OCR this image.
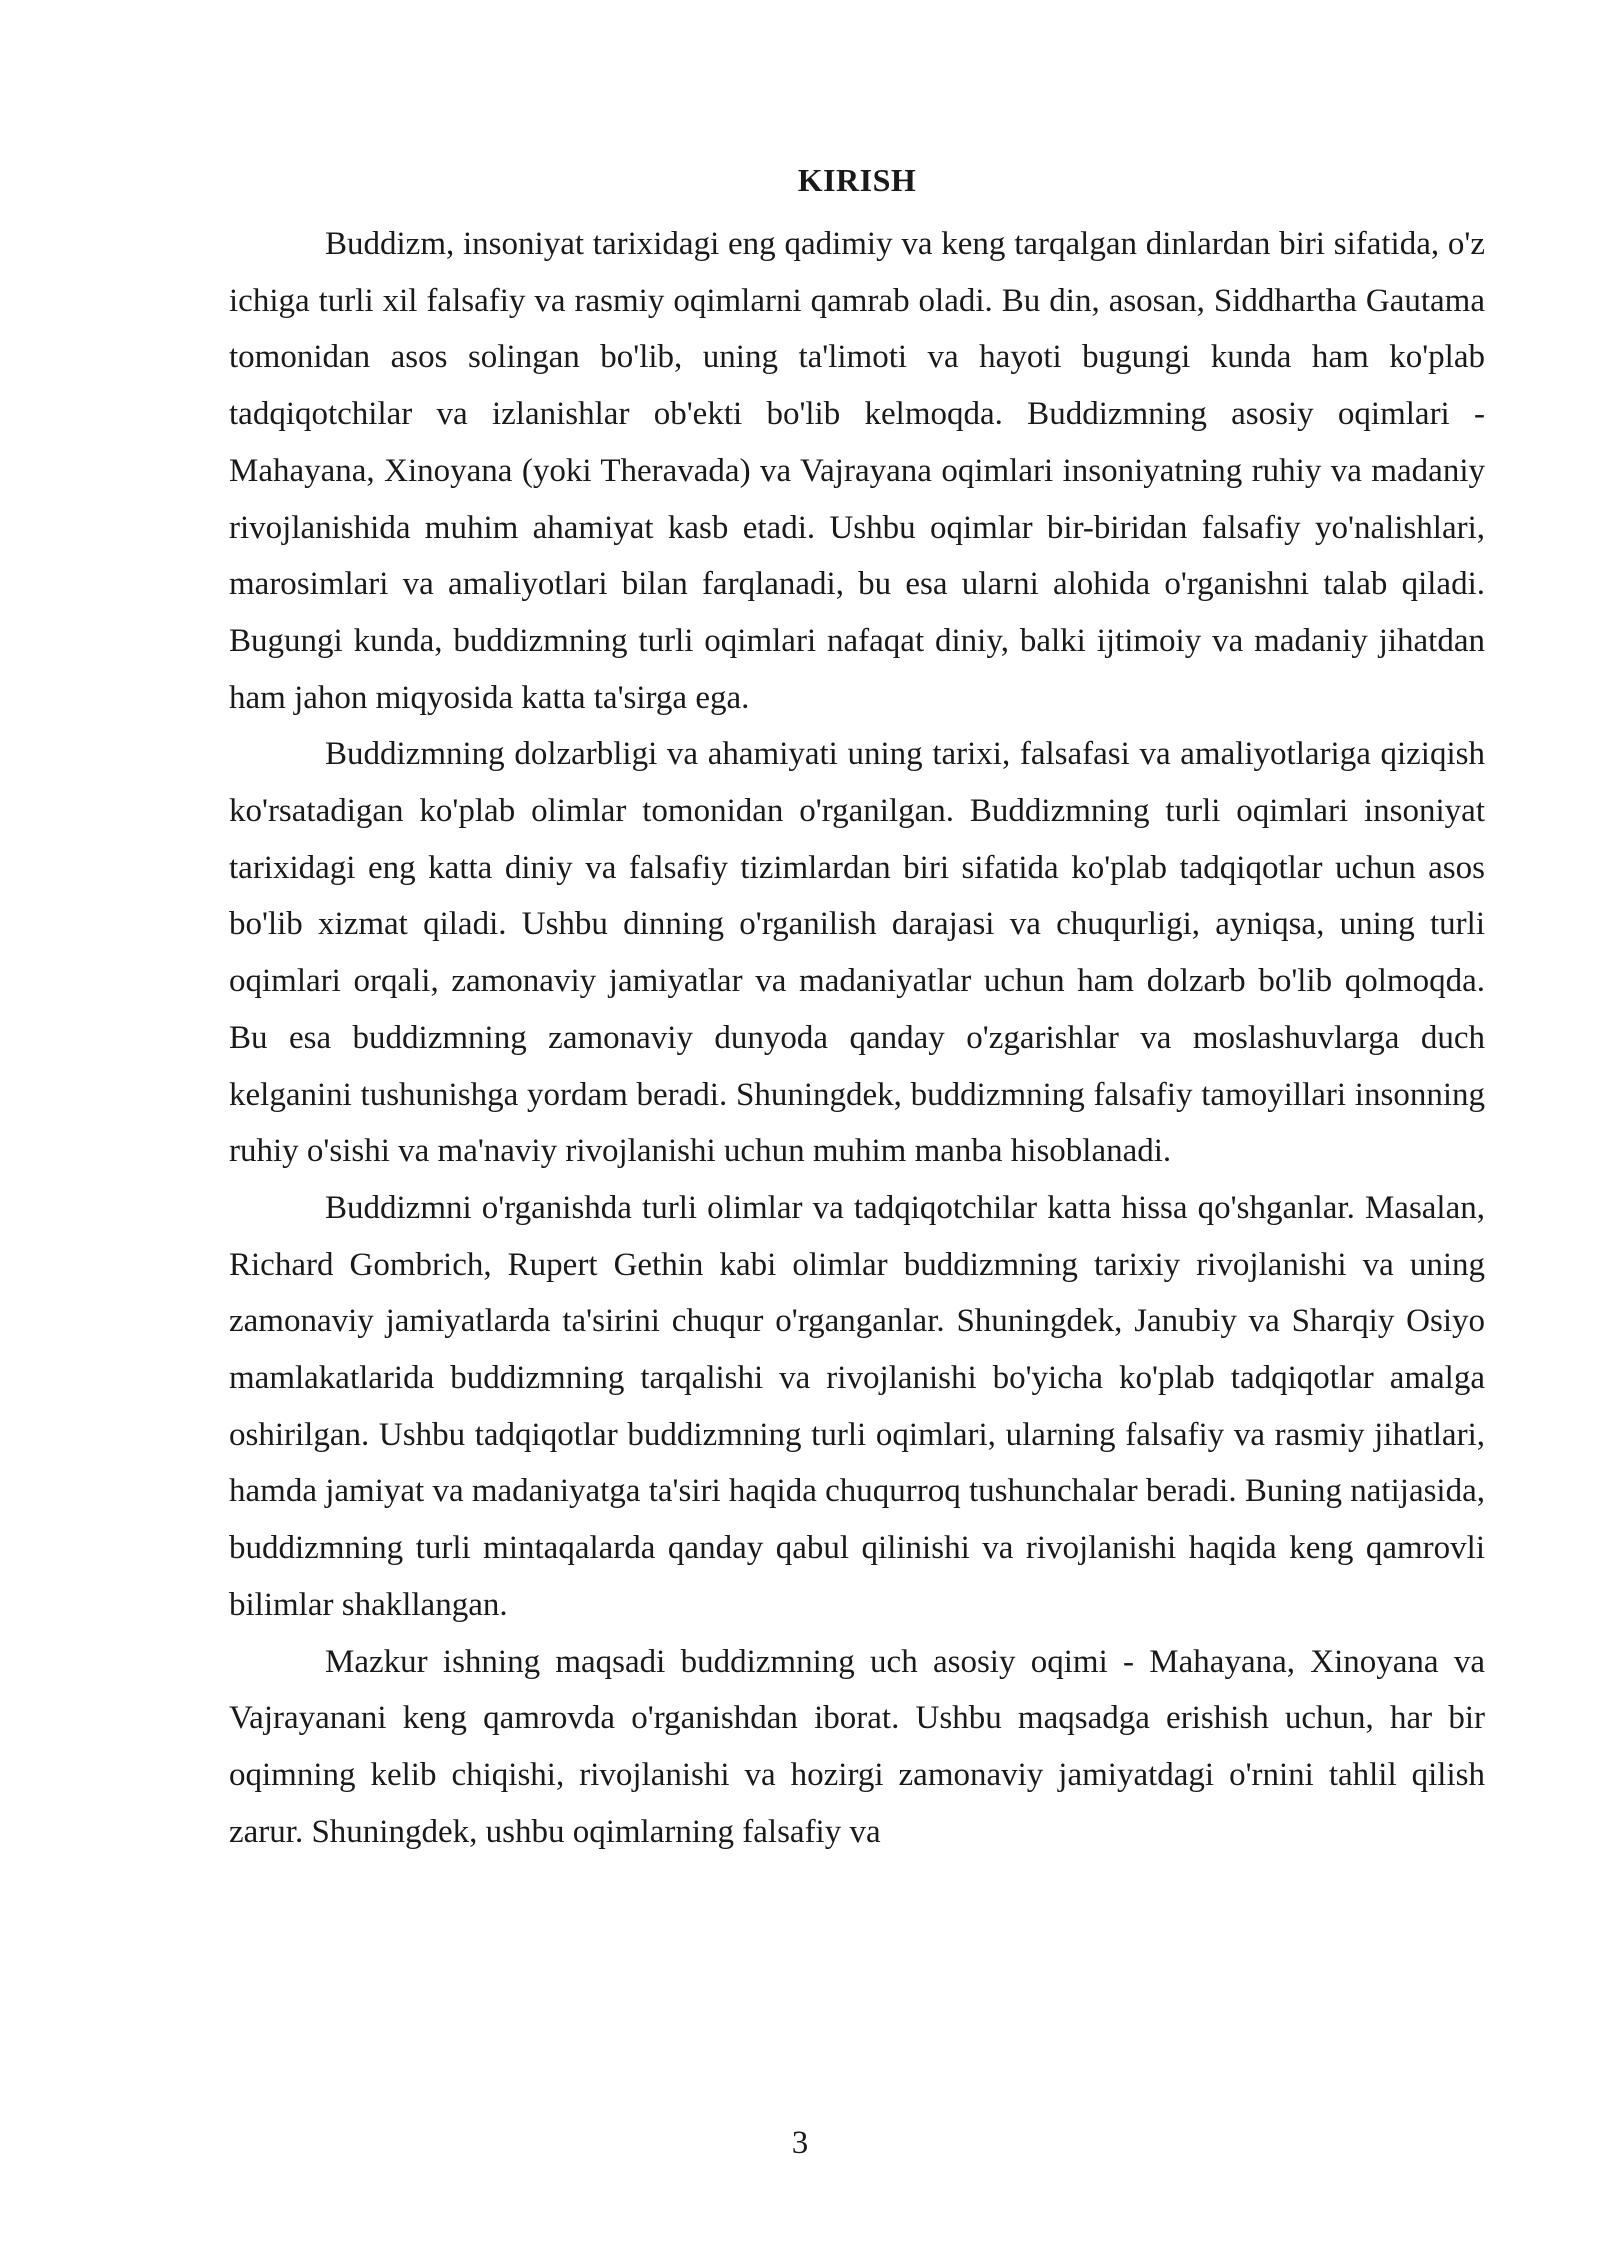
KIRISH

Buddizm, insoniyat tarixidagi eng qadimiy va keng tarqalgan dinlardan biri sifatida, o'z ichiga turli xil falsafiy va rasmiy oqimlarni qamrab oladi. Bu din, asosan, Siddhartha Gautama tomonidan asos solingan bo'lib, uning ta'limoti va hayoti bugungi kunda ham ko'plab tadqiqotchilar va izlanishlar ob'ekti bo'lib kelmoqda. Buddizmning asosiy oqimlari - Mahayana, Xinoyana (yoki Theravada) va Vajrayana oqimlari insoniyatning ruhiy va madaniy rivojlanishida muhim ahamiyat kasb etadi. Ushbu oqimlar bir-biridan falsafiy yo'nalishlari, marosimlari va amaliyotlari bilan farqlanadi, bu esa ularni alohida o'rganishni talab qiladi. Bugungi kunda, buddizmning turli oqimlari nafaqat diniy, balki ijtimoiy va madaniy jihatdan ham jahon miqyosida katta ta'sirga ega.

Buddizmning dolzarbligi va ahamiyati uning tarixi, falsafasi va amaliyotlariga qiziqish ko'rsatadigan ko'plab olimlar tomonidan o'rganilgan. Buddizmning turli oqimlari insoniyat tarixidagi eng katta diniy va falsafiy tizimlardan biri sifatida ko'plab tadqiqotlar uchun asos bo'lib xizmat qiladi. Ushbu dinning o'rganilish darajasi va chuqurligi, ayniqsa, uning turli oqimlari orqali, zamonaviy jamiyatlar va madaniyatlar uchun ham dolzarb bo'lib qolmoqda. Bu esa buddizmning zamonaviy dunyoda qanday o'zgarishlar va moslashuvlarga duch kelganini tushunishga yordam beradi. Shuningdek, buddizmning falsafiy tamoyillari insonning ruhiy o'sishi va ma'naviy rivojlanishi uchun muhim manba hisoblanadi.

Buddizmni o'rganishda turli olimlar va tadqiqotchilar katta hissa qo'shganlar. Masalan, Richard Gombrich, Rupert Gethin kabi olimlar buddizmning tarixiy rivojlanishi va uning zamonaviy jamiyatlarda ta'sirini chuqur o'rganganlar. Shuningdek, Janubiy va Sharqiy Osiyo mamlakatlarida buddizmning tarqalishi va rivojlanishi bo'yicha ko'plab tadqiqotlar amalga oshirilgan. Ushbu tadqiqotlar buddizmning turli oqimlari, ularning falsafiy va rasmiy jihatlari, hamda jamiyat va madaniyatga ta'siri haqida chuqurroq tushunchalar beradi. Buning natijasida, buddizmning turli mintaqalarda qanday qabul qilinishi va rivojlanishi haqida keng qamrovli bilimlar shakllangan.

Mazkur ishning maqsadi buddizmning uch asosiy oqimi - Mahayana, Xinoyana va Vajrayanani keng qamrovda o'rganishdan iborat. Ushbu maqsadga erishish uchun, har bir oqimning kelib chiqishi, rivojlanishi va hozirgi zamonaviy jamiyatdagi o'rnini tahlil qilish zarur. Shuningdek, ushbu oqimlarning falsafiy va

3
